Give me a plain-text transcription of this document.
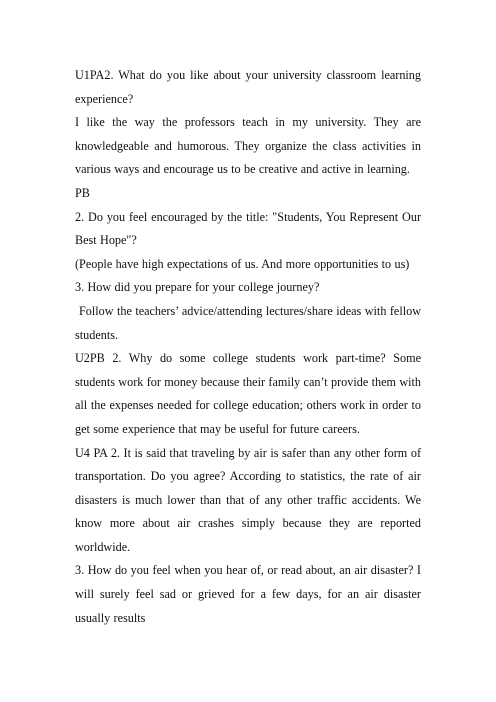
U1PA2. What do you like about your university classroom learning experience?

I like the way the professors teach in my university. They are knowledgeable and humorous. They organize the class activities in various ways and encourage us to be creative and active in learning.

PB

2. Do you feel encouraged by the title: "Students, You Represent Our Best Hope"?

(People have high expectations of us. And more opportunities to us)

3. How did you prepare for your college journey?

Follow the teachers’ advice/attending lectures/share ideas with fellow students.

U2PB 2. Why do some college students work part-time? Some students work for money because their family can’t provide them with all the expenses needed for college education; others work in order to get some experience that may be useful for future careers.

U4 PA 2. It is said that traveling by air is safer than any other form of transportation. Do you agree? According to statistics, the rate of air disasters is much lower than that of any other traffic accidents. We know more about air crashes simply because they are reported worldwide.

3. How do you feel when you hear of, or read about, an air disaster? I will surely feel sad or grieved for a few days, for an air disaster usually results
